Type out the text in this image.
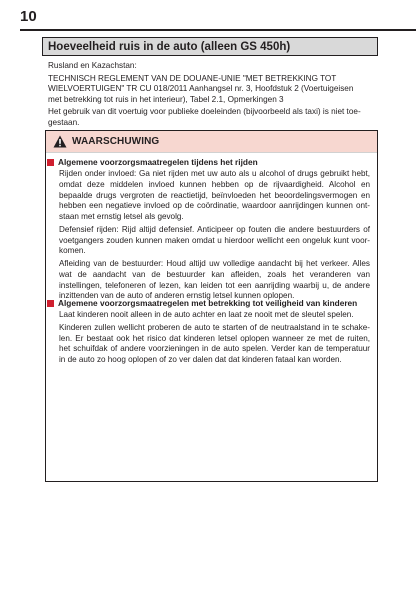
10
Hoeveelheid ruis in de auto (alleen GS 450h)

Rusland en Kazachstan:

TECHNISCH REGLEMENT VAN DE DOUANE-UNIE "MET BETREKKING TOT
WIELVOERTUIGEN" TR CU 018/2011 Aanhangsel nr. 3, Hoofdstuk 2 (Voertuigeisen

met betrekking tot ruis in het interieur), Tabel 2.1, Opmerkingen 3

Het gebruik van dit voertuig voor publieke doeleinden (bijvoorbeeld als taxi) is niet toe-gestaan.

WAARSCHUWING
Algemene voorzorgsmaatregelen tijdens het rijden

Rijden onder invloed: Ga niet rijden met uw auto als u alcohol of drugs gebruikt hebt, omdat deze middelen invloed kunnen hebben op de rijvaardigheid. Alcohol en bepaalde drugs vergroten de reactietijd, beïnvloeden het beoordelingsvermogen en hebben een negatieve invloed op de coördinatie, waardoor aanrijdingen kunnen ont-staan met ernstig letsel als gevolg.

Defensief rijden: Rijd altijd defensief. Anticipeer op fouten die andere bestuurders of voetgangers zouden kunnen maken omdat u hierdoor wellicht een ongeluk kunt voor-komen.

Afleiding van de bestuurder: Houd altijd uw volledige aandacht bij het verkeer. Alles wat de aandacht van de bestuurder kan afleiden, zoals het veranderen van instellingen, telefoneren of lezen, kan leiden tot een aanrijding waarbij u, de andere inzittenden van de auto of anderen ernstig letsel kunnen oplopen.

Algemene voorzorgsmaatregelen met betrekking tot veiligheid van kinderen

Laat kinderen nooit alleen in de auto achter en laat ze nooit met de sleutel spelen.

Kinderen zullen wellicht proberen de auto te starten of de neutraalstand in te schake-len. Er bestaat ook het risico dat kinderen letsel oplopen wanneer ze met de ruiten, het schuifdak of andere voorzieningen in de auto spelen. Verder kan de temperatuur in de auto zo hoog oplopen of zo ver dalen dat dat kinderen fataal kan worden.
